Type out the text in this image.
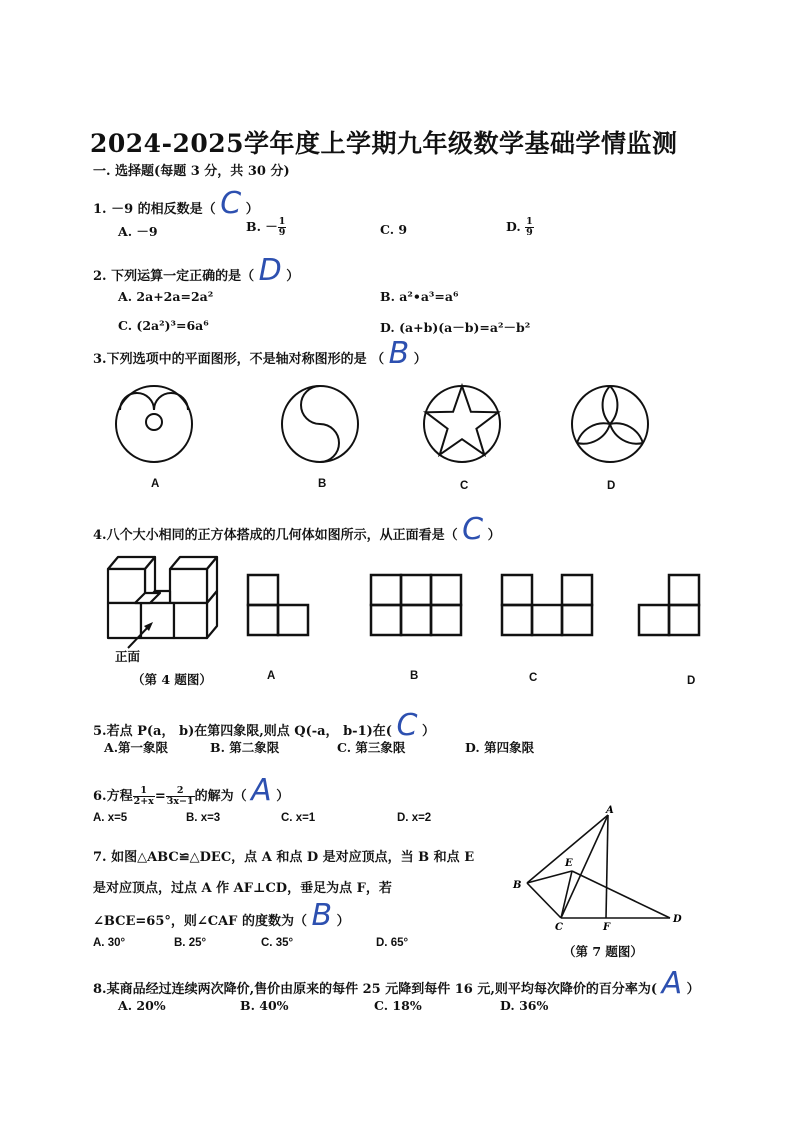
2024-2025学年度上学期九年级数学基础学情监测
一. 选择题(每题 3 分，共 30 分)
1. －9 的相反数是（ C ）
A. －9	B. － $\frac{1}{9}$	C. 9	D. $\frac{1}{9}$
2. 下列运算一定正确的是（ D ）
A. 2a+2a=2a²	B. a²•a³=a⁶
C. (2a²)³=6a⁶	D. (a+b)(a－b)=a²－b²
3.下列选项中的平面图形，不是轴对称图形的是 （ B ）
A	B	C	D
4.八个大小相同的正方体搭成的几何体如图所示，从正面看是（ C ）
正面
（第 4 题图）	A	B	C	D
5.若点 P(a， b)在第四象限,则点 Q(-a， b-1)在( C ）
A.第一象限	B. 第二象限	C. 第三象限	D. 第四象限
6.方程 $\frac{1}{2+x} = \frac{2}{3x-1}$ 的解为（ A ）
A. x=5	B. x=3	C. x=1	D. x=2
7. 如图△ABC≌△DEC，点 A 和点 D 是对应顶点，当 B 和点 E
是对应顶点，过点 A 作 AF⊥CD，垂足为点 F，若
∠BCE=65°，则∠CAF 的度数为（ B ）
A. 30°	B. 25°	C. 35°	D. 65°
A
B
C
D
E
F
（第 7 题图）
8.某商品经过连续两次降价,售价由原来的每件 25 元降到每件 16 元,则平均每次降价的百分率为( A ）
A. 20%	B. 40%	C. 18%	D. 36%
